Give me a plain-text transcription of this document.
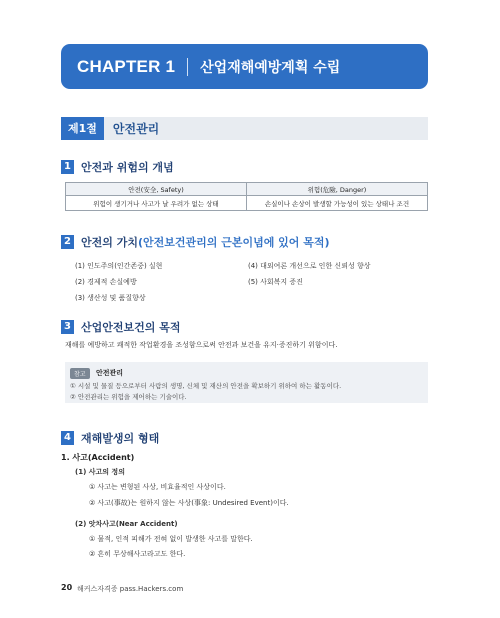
CHAPTER 1 산업재해예방계획 수립
제1절	안전관리
1 안전과 위험의 개념
안전(安全, Safety)	위험(危險, Danger)
위험이 생기거나 사고가 날 우려가 없는 상태	손실이나 손상이 발생할 가능성이 있는 상태나 조건
2 안전의 가치(안전보건관리의 근본이념에 있어 목적)
(1) 인도주의(인간존중) 실현
(2) 경제적 손실예방
(3) 생산성 및 품질향상
(4) 대외여론 개선으로 인한 신뢰성 향상
(5) 사회복지 증진
3 산업안전보건의 목적
재해를 예방하고 쾌적한 작업환경을 조성함으로써 안전과 보건을 유지·증진하기 위함이다.
참고	안전관리
① 시설 및 물질 등으로부터 사람의 생명, 신체 및 재산의 안전을 확보하기 위하여 하는 활동이다.
② 안전관리는 위험을 제어하는 기술이다.
4 재해발생의 형태
1. 사고(Accident)
(1) 사고의 정의
① 사고는 변형된 사상, 비효율적인 사상이다.
② 사고(事故)는 원하지 않는 사상(事象: Undesired Event)이다.
(2) 앗차사고(Near Accident)
① 물적, 인적 피해가 전혀 없이 발생한 사고를 말한다.
② 흔히 무상해사고라고도 한다.
20 해커스자격증 pass.Hackers.com
